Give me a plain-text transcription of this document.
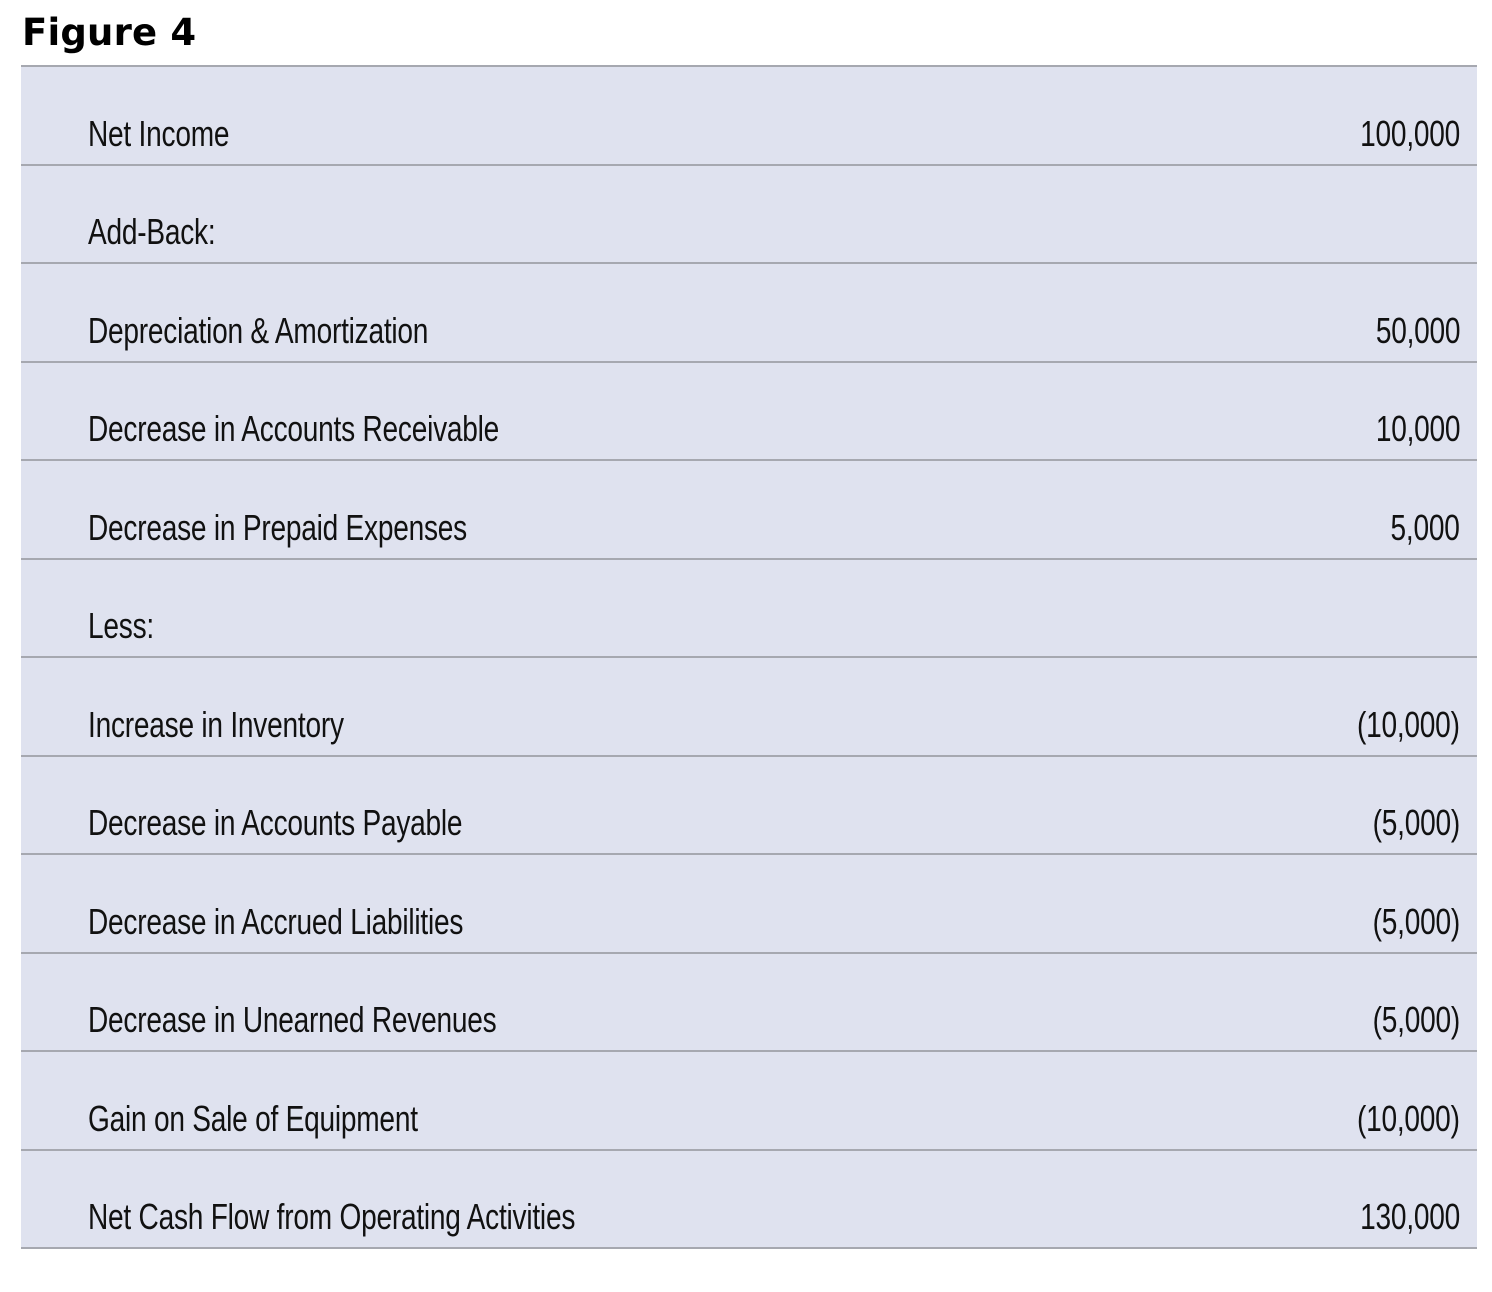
Figure 4
Net Income	100,000
Add-Back:
Depreciation & Amortization	50,000
Decrease in Accounts Receivable	10,000
Decrease in Prepaid Expenses	5,000
Less:
Increase in Inventory	(10,000)
Decrease in Accounts Payable	(5,000)
Decrease in Accrued Liabilities	(5,000)
Decrease in Unearned Revenues	(5,000)
Gain on Sale of Equipment	(10,000)
Net Cash Flow from Operating Activities	130,000
